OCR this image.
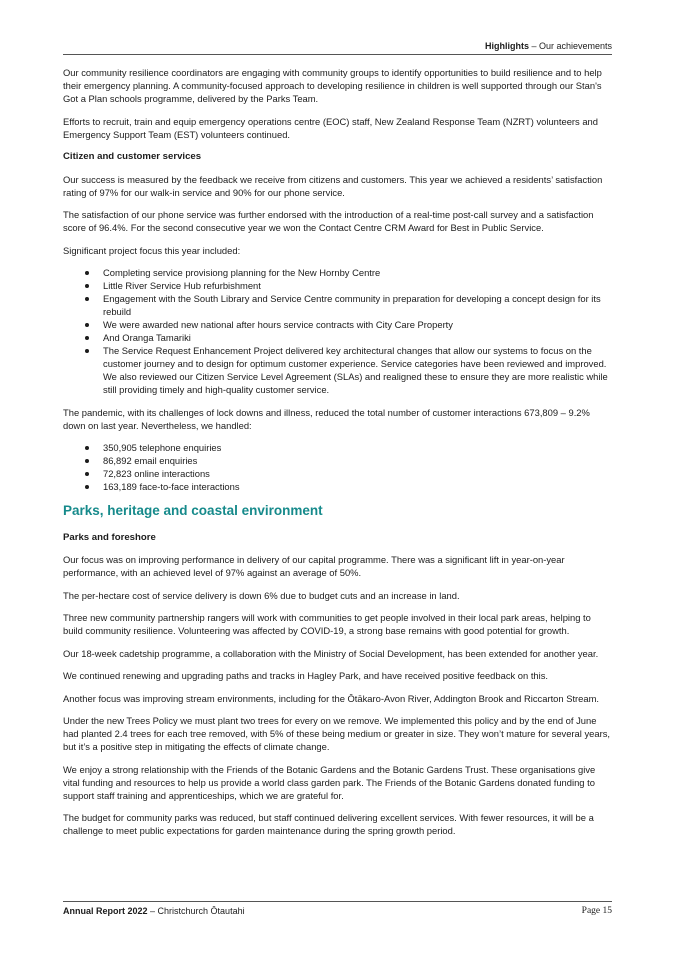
Highlights – Our achievements

Our community resilience coordinators are engaging with community groups to identify opportunities to build resilience and to help their emergency planning. A community-focused approach to developing resilience in children is well supported through our Stan's Got a Plan schools programme, delivered by the Parks Team.

Efforts to recruit, train and equip emergency operations centre (EOC) staff, New Zealand Response Team (NZRT) volunteers and Emergency Support Team (EST) volunteers continued.

Citizen and customer services

Our success is measured by the feedback we receive from citizens and customers. This year we achieved a residents’ satisfaction rating of 97% for our walk-in service and 90% for our phone service.

The satisfaction of our phone service was further endorsed with the introduction of a real-time post-call survey and a satisfaction score of 96.4%. For the second consecutive year we won the Contact Centre CRM Award for Best in Public Service.

Significant project focus this year included:

Completing service provisiong planning for the New Hornby Centre
Little River Service Hub refurbishment
Engagement with the South Library and Service Centre community in preparation for developing a concept design for its rebuild
We were awarded new national after hours service contracts with City Care Property
And Oranga Tamariki
The Service Request Enhancement Project delivered key architectural changes that allow our systems to focus on the customer journey and to design for optimum customer experience. Service categories have been reviewed and improved. We also reviewed our Citizen Service Level Agreement (SLAs) and realigned these to ensure they are more realistic while still providing timely and high-quality customer service.

The pandemic, with its challenges of lock downs and illness, reduced the total number of customer interactions 673,809 – 9.2% down on last year. Nevertheless, we handled:

350,905 telephone enquiries
86,892 email enquiries
72,823 online interactions
163,189 face-to-face interactions
Parks, heritage and coastal environment
Parks and foreshore

Our focus was on improving performance in delivery of our capital programme. There was a significant lift in year-on-year performance, with an achieved level of 97% against an average of 50%.

The per-hectare cost of service delivery is down 6% due to budget cuts and an increase in land.

Three new community partnership rangers will work with communities to get people involved in their local park areas, helping to build community resilience. Volunteering was affected by COVID-19, a strong base remains with good potential for growth.

Our 18-week cadetship programme, a collaboration with the Ministry of Social Development, has been extended for another year.

We continued renewing and upgrading paths and tracks in Hagley Park, and have received positive feedback on this.

Another focus was improving stream environments, including for the Ōtākaro-Avon River, Addington Brook and Riccarton Stream.

Under the new Trees Policy we must plant two trees for every on we remove. We implemented this policy and by the end of June had planted 2.4 trees for each tree removed, with 5% of these being medium or greater in size. They won’t mature for several years, but it’s a positive step in mitigating the effects of climate change.

We enjoy a strong relationship with the Friends of the Botanic Gardens and the Botanic Gardens Trust. These organisations give vital funding and resources to help us provide a world class garden park. The Friends of the Botanic Gardens donated funding to support staff training and apprenticeships, which we are grateful for.

The budget for community parks was reduced, but staff continued delivering excellent services. With fewer resources, it will be a challenge to meet public expectations for garden maintenance during the spring growth period.

Annual Report 2022 – Christchurch Ōtautahi	Page 15
